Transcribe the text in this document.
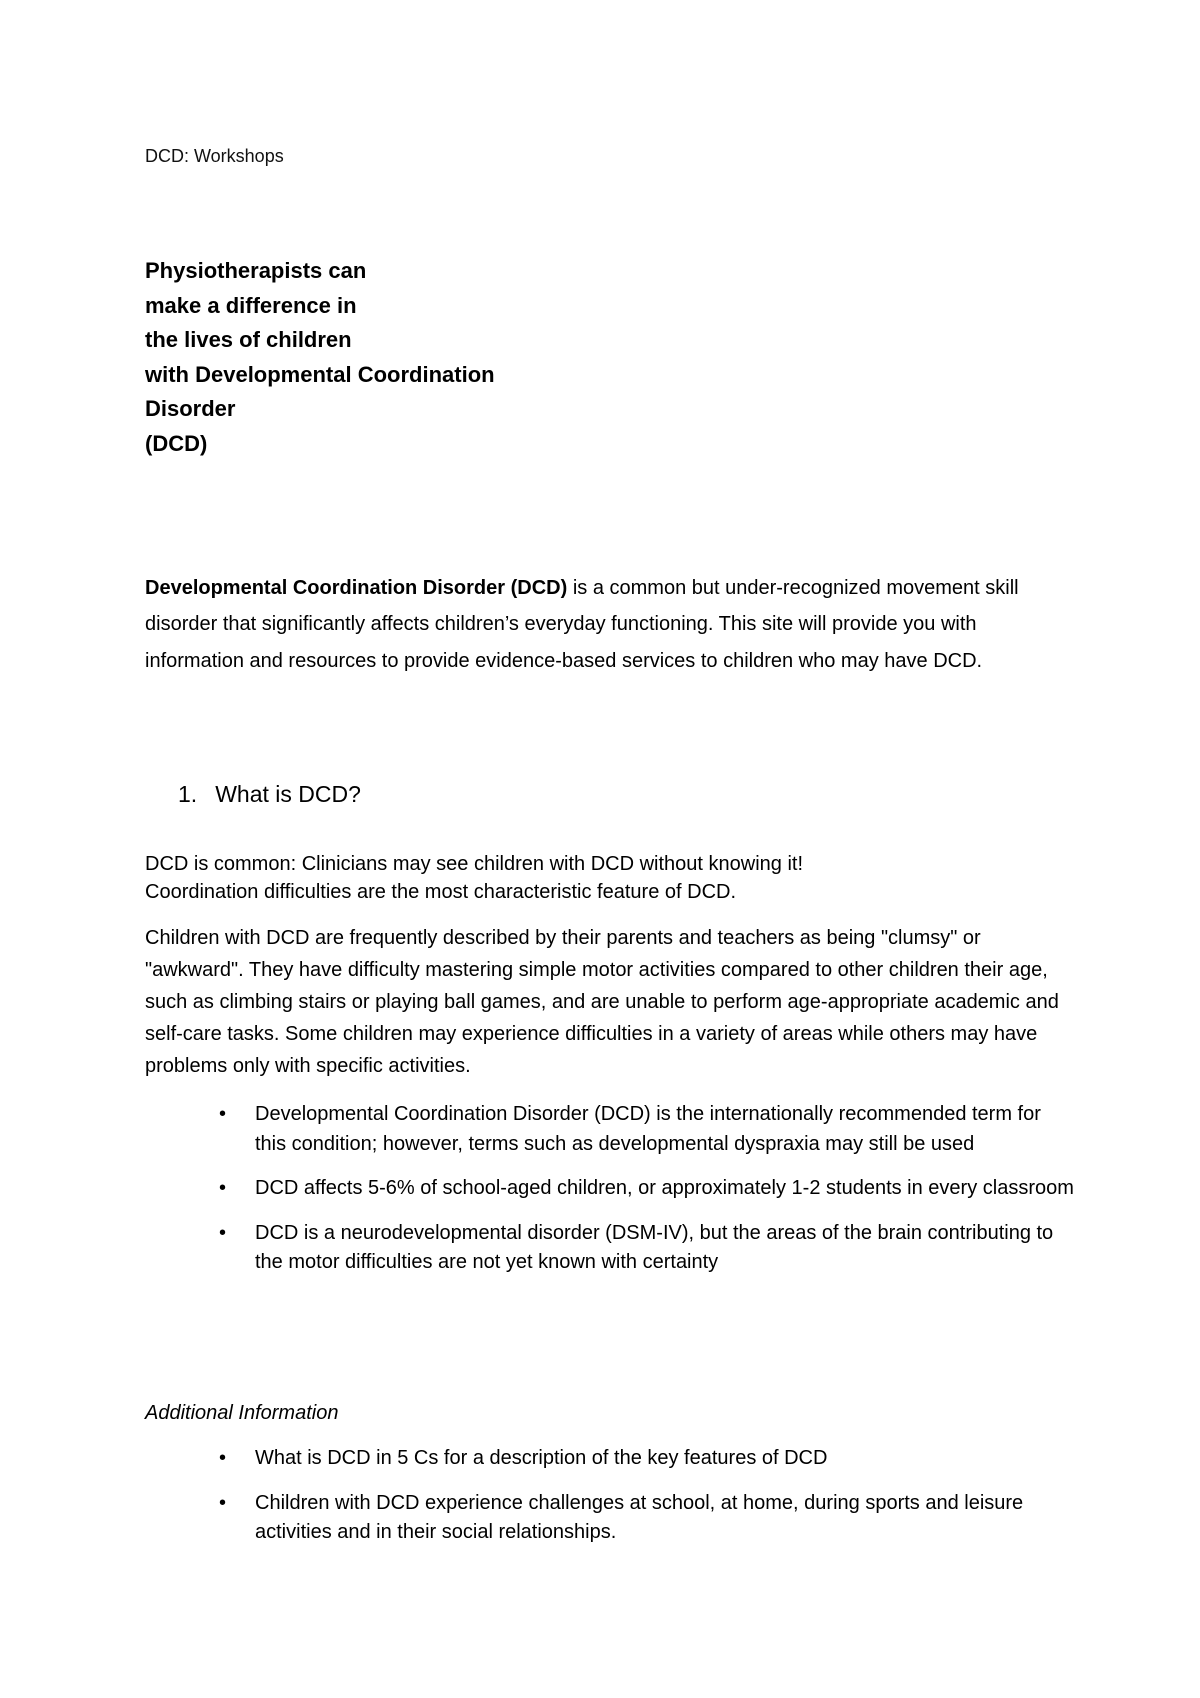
DCD: Workshops
Physiotherapists can
make a difference in
the lives of children
with Developmental Coordination
Disorder
(DCD)

Developmental Coordination Disorder (DCD) is a common but under-recognized movement skill disorder that significantly affects children’s everyday functioning. This site will provide you with information and resources to provide evidence-based services to children who may have DCD.

1. What is DCD?
DCD is common: Clinicians may see children with DCD without knowing it!
Coordination difficulties are the most characteristic feature of DCD.
Children with DCD are frequently described by their parents and teachers as being "clumsy" or "awkward". They have difficulty mastering simple motor activities compared to other children their age, such as climbing stairs or playing ball games, and are unable to perform age-appropriate academic and self-care tasks. Some children may experience difficulties in a variety of areas while others may have problems only with specific activities.
• Developmental Coordination Disorder (DCD) is the internationally recommended term for this condition; however, terms such as developmental dyspraxia may still be used
• DCD affects 5-6% of school-aged children, or approximately 1-2 students in every classroom
• DCD is a neurodevelopmental disorder (DSM-IV), but the areas of the brain contributing to the motor difficulties are not yet known with certainty
Additional Information
• What is DCD in 5 Cs for a description of the key features of DCD
• Children with DCD experience challenges at school, at home, during sports and leisure activities and in their social relationships.
